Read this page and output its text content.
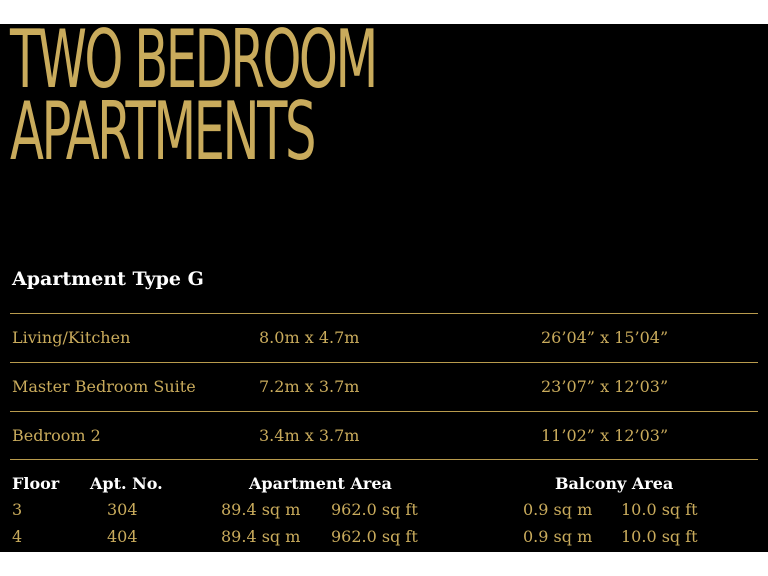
TWO BEDROOM
APARTMENTS
Apartment Type G
Living/Kitchen	8.0m x 4.7m	26’04” x 15’04”
Master Bedroom Suite	7.2m x 3.7m	23’07” x 12’03”
Bedroom 2	3.4m x 3.7m	11’02” x 12’03”
Floor Apt. No.	Apartment Area	Balcony Area
3	304	89.4 sq m 962.0 sq ft	0.9 sq m 10.0 sq ft
4	404	89.4 sq m 962.0 sq ft	0.9 sq m 10.0 sq ft
